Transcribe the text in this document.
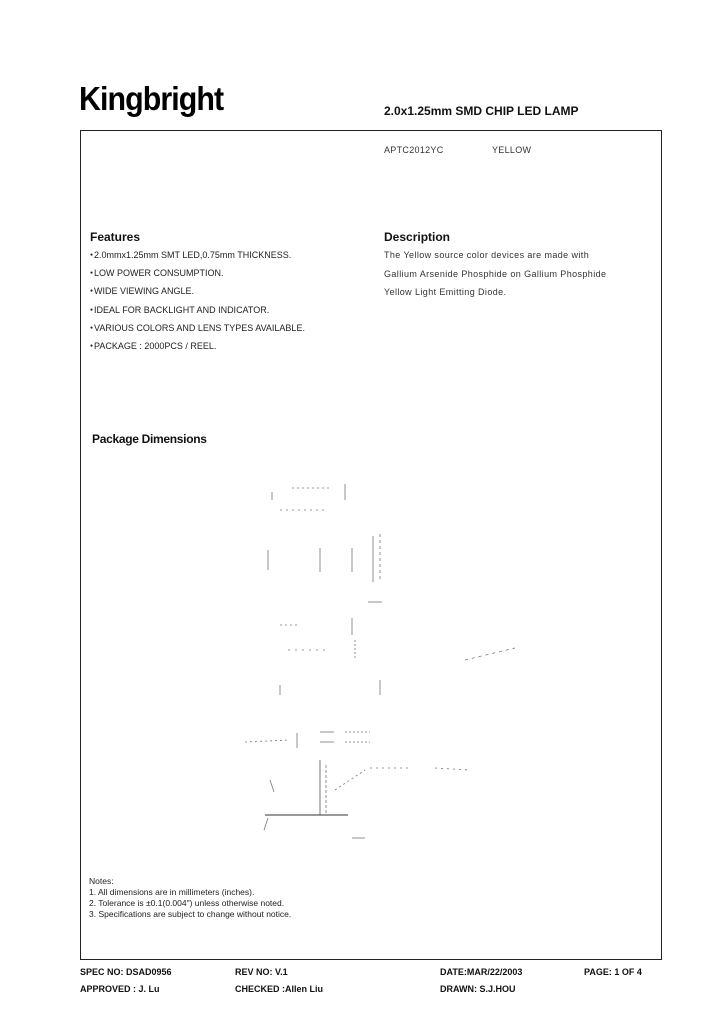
Kingbright	2.0x1.25mm SMD CHIP LED LAMP
APTC2012YC	YELLOW
Features
● 2.0mmx1.25mm SMT LED,0.75mm THICKNESS.
● LOW POWER CONSUMPTION.
● WIDE VIEWING ANGLE.
● IDEAL FOR BACKLIGHT AND INDICATOR.
● VARIOUS COLORS AND LENS TYPES AVAILABLE.
● PACKAGE : 2000PCS / REEL.
Description
The Yellow source color devices are made with
Gallium Arsenide Phosphide on Gallium Phosphide
Yellow Light Emitting Diode.
Package Dimensions
Notes:
1. All dimensions are in millimeters (inches).
2. Tolerance is ±0.1(0.004") unless otherwise noted.
3. Specifications are subject to change without notice.
SPEC NO: DSAD0956	REV NO: V.1	DATE:MAR/22/2003	PAGE: 1 OF 4
APPROVED : J. Lu	CHECKED :Allen Liu	DRAWN: S.J.HOU
